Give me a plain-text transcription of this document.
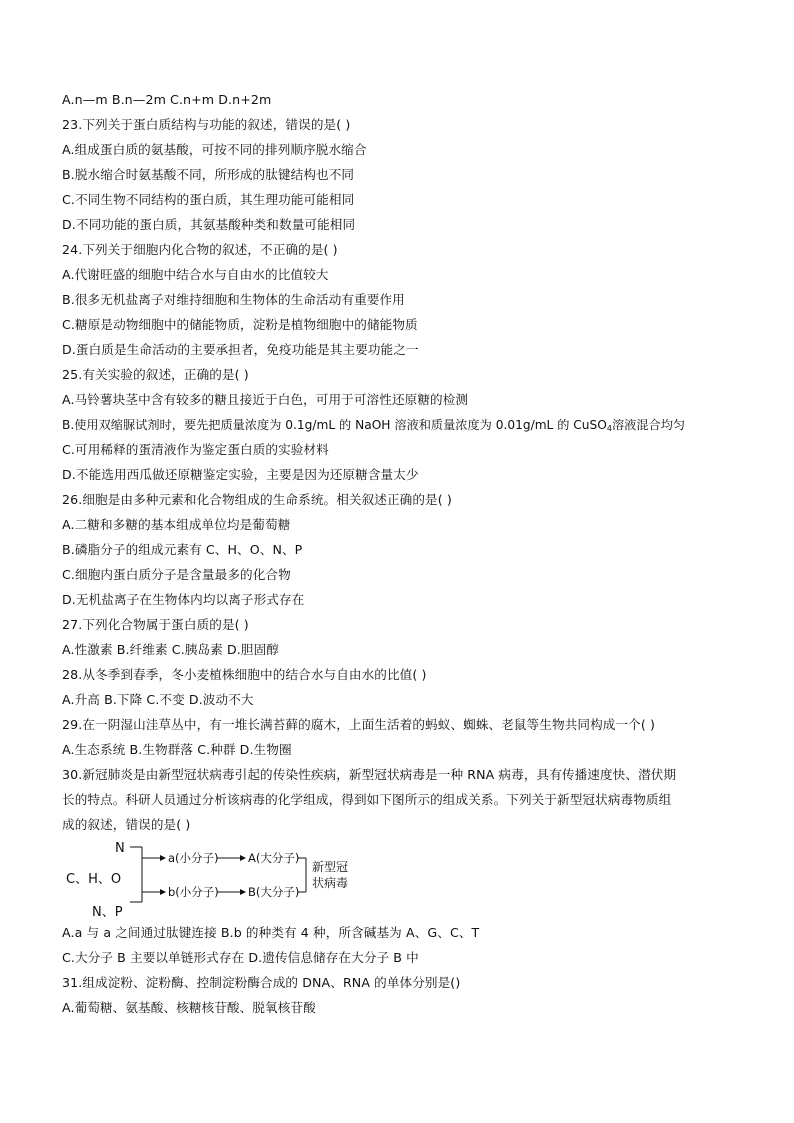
A.n—m B.n—2m C.n+m D.n+2m
23.下列关于蛋白质结构与功能的叙述，错误的是( )
A.组成蛋白质的氨基酸，可按不同的排列顺序脱水缩合
B.脱水缩合时氨基酸不同，所形成的肽键结构也不同
C.不同生物不同结构的蛋白质，其生理功能可能相同
D.不同功能的蛋白质，其氨基酸种类和数量可能相同
24.下列关于细胞内化合物的叙述，不正确的是( )
A.代谢旺盛的细胞中结合水与自由水的比值较大
B.很多无机盐离子对维持细胞和生物体的生命活动有重要作用
C.糖原是动物细胞中的储能物质，淀粉是植物细胞中的储能物质
D.蛋白质是生命活动的主要承担者，免疫功能是其主要功能之一
25.有关实验的叙述，正确的是( )
A.马铃薯块茎中含有较多的糖且接近于白色，可用于可溶性还原糖的检测
B.使用双缩脲试剂时，要先把质量浓度为 0.1g/mL 的 NaOH 溶液和质量浓度为 0.01g/mL 的 CuSO$_4$溶液混合均匀
C.可用稀释的蛋清液作为鉴定蛋白质的实验材料
D.不能选用西瓜做还原糖鉴定实验，主要是因为还原糖含量太少
26.细胞是由多种元素和化合物组成的生命系统。相关叙述正确的是( )
A.二糖和多糖的基本组成单位均是葡萄糖
B.磷脂分子的组成元素有 C、H、O、N、P
C.细胞内蛋白质分子是含量最多的化合物
D.无机盐离子在生物体内均以离子形式存在
27.下列化合物属于蛋白质的是( )
A.性激素 B.纤维素 C.胰岛素 D.胆固醇
28.从冬季到春季，冬小麦植株细胞中的结合水与自由水的比值( )
A.升高 B.下降 C.不变 D.波动不大
29.在一阴湿山洼草丛中，有一堆长满苔藓的腐木，上面生活着的蚂蚁、蜘蛛、老鼠等生物共同构成一个( )
A.生态系统 B.生物群落 C.种群 D.生物圈
30.新冠肺炎是由新型冠状病毒引起的传染性疾病，新型冠状病毒是一种 RNA 病毒，具有传播速度快、潜伏期
长的特点。科研人员通过分析该病毒的化学组成，得到如下图所示的组成关系。下列关于新型冠状病毒物质组
成的叙述，错误的是( )
N
C、H、O
N、P
a(小分子)	A(大分子)
b(小分子)	B(大分子)
新型冠
状病毒
A.a 与 a 之间通过肽键连接 B.b 的种类有 4 种，所含碱基为 A、G、C、T
C.大分子 B 主要以单链形式存在 D.遗传信息储存在大分子 B 中
31.组成淀粉、淀粉酶、控制淀粉酶合成的 DNA、RNA 的单体分别是()
A.葡萄糖、氨基酸、核糖核苷酸、脱氧核苷酸
